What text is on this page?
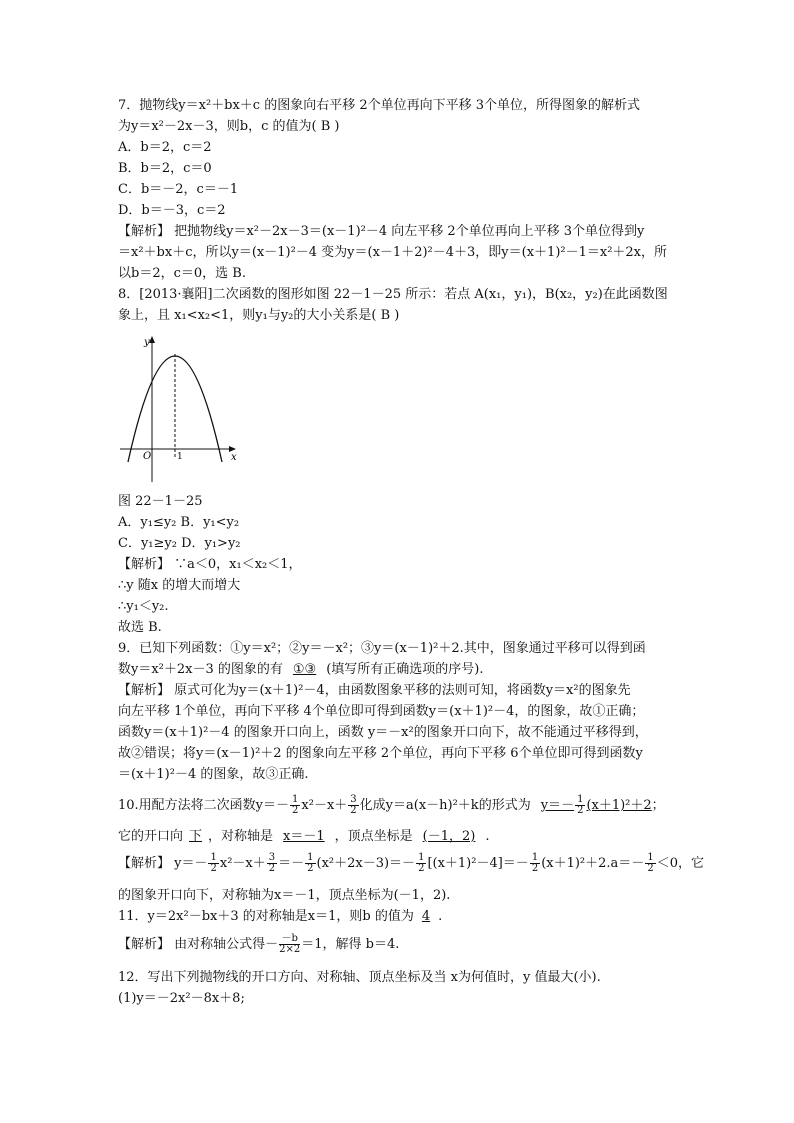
7．抛物线y＝x²＋bx＋c 的图象向右平移 2个单位再向下平移 3个单位，所得图象的解析式
为y＝x²－2x－3，则b，c 的值为( B )
A．b＝2，c＝2
B．b＝2，c＝0
C．b＝－2，c＝－1
D．b＝－3，c＝2
【解析】 把抛物线y＝x²－2x－3＝(x－1)²－4 向左平移 2个单位再向上平移 3个单位得到y
＝x²＋bx＋c，所以y＝(x－1)²－4 变为y＝(x－1＋2)²－4＋3，即y＝(x＋1)²－1＝x²＋2x，所
以b＝2，c＝0，选 B.
8．[2013·襄阳]二次函数的图形如图 22－1－25 所示：若点 A(x₁，y₁)，B(x₂，y₂)在此函数图
象上，且 x₁<x₂<1，则y₁与y₂的大小关系是( B )
y
x
O	1
图 22－1－25
A．y₁≤y₂ B．y₁<y₂
C．y₁≥y₂ D．y₁>y₂
【解析】 ∵a＜0，x₁＜x₂＜1，
∴y 随x 的增大而增大
∴y₁＜y₂.
故选 B.
9．已知下列函数：①y＝x²；②y＝－x²；③y＝(x－1)²＋2.其中，图象通过平移可以得到函
数y＝x²＋2x－3 的图象的有 ①③ (填写所有正确选项的序号).
【解析】 原式可化为y＝(x＋1)²－4，由函数图象平移的法则可知，将函数y＝x²的图象先
向左平移 1个单位，再向下平移 4个单位即可得到函数y＝(x＋1)²－4，的图象，故①正确；
函数y＝(x＋1)²－4 的图象开口向上，函数 y＝－x²的图象开口向下，故不能通过平移得到，
故②错误；将y＝(x－1)²＋2 的图象向左平移 2个单位，再向下平移 6个单位即可得到函数y
＝(x＋1)²－4 的图象，故③正确.
10.用配方法将二次函数$y=- \frac{1}{2} x^2-x+ \frac{3}{2}$ 化成y＝a(x－h)²＋k的形式为 $y=- \frac{1}{2} (x+1)^2+2$；
它的开口向 下 ，对称轴是 x＝－1 ，顶点坐标是 (－1，2) .
【解析】 $y=- \frac{1}{2} x^2-x+ \frac{3}{2} =- \frac{1}{2} (x^2+2x-3)=- \frac{1}{2} [(x+1)^2-4]=- \frac{1}{2} (x+1)^2+2.a=- \frac{1}{2} <0$，它
的图象开口向下，对称轴为x＝－1，顶点坐标为(－1，2).
11．y＝2x²－bx＋3 的对称轴是x＝1，则b 的值为 4 .
【解析】 由对称轴公式得－ $\frac{-b}{2\times 2} =1$，解得 b＝4.
12．写出下列抛物线的开口方向、对称轴、顶点坐标及当 x为何值时，y 值最大(小).
(1)y＝－2x²－8x＋8;
